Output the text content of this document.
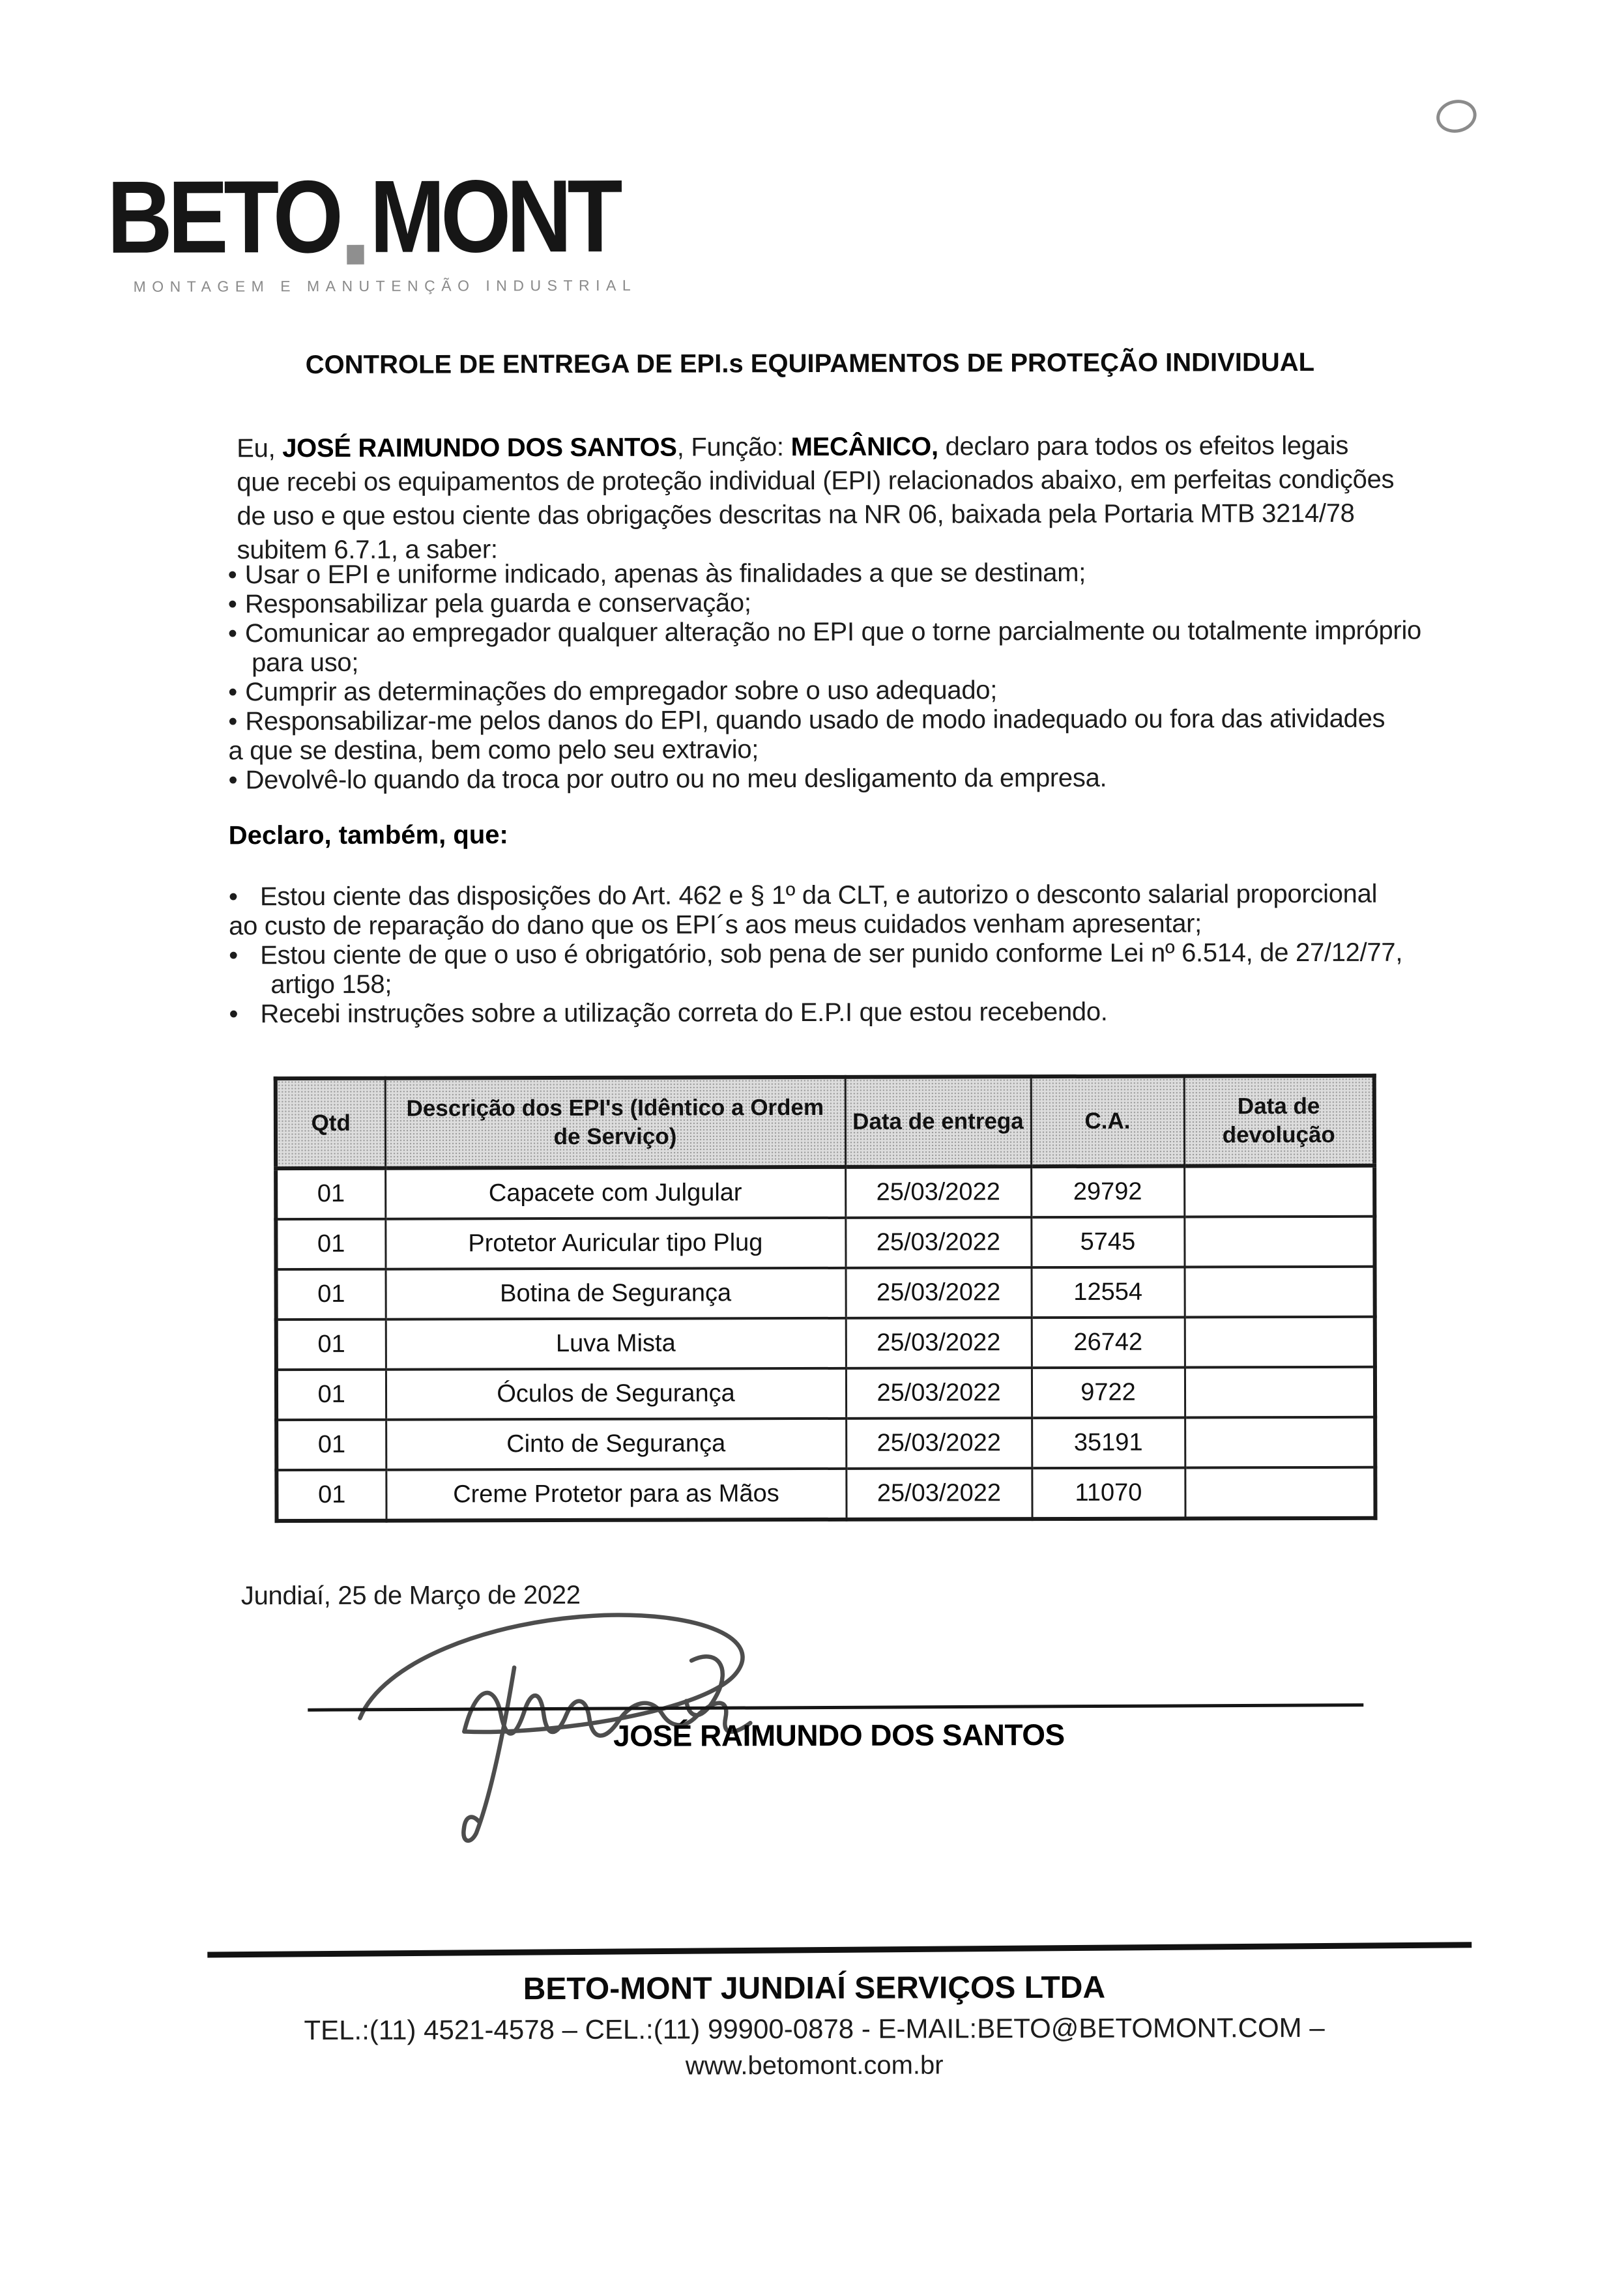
BETO MONT
MONTAGEM E MANUTENÇÃO INDUSTRIAL
CONTROLE DE ENTREGA DE EPI.s EQUIPAMENTOS DE PROTEÇÃO INDIVIDUAL
Eu, JOSÉ RAIMUNDO DOS SANTOS, Função: MECÂNICO, declaro para todos os efeitos legais
que recebi os equipamentos de proteção individual (EPI) relacionados abaixo, em perfeitas condições
de uso e que estou ciente das obrigações descritas na NR 06, baixada pela Portaria MTB 3214/78
subitem 6.7.1, a saber:
• Usar o EPI e uniforme indicado, apenas às finalidades a que se destinam;
• Responsabilizar pela guarda e conservação;
• Comunicar ao empregador qualquer alteração no EPI que o torne parcialmente ou totalmente impróprio
para uso;
• Cumprir as determinações do empregador sobre o uso adequado;
• Responsabilizar-me pelos danos do EPI, quando usado de modo inadequado ou fora das atividades
a que se destina, bem como pelo seu extravio;
• Devolvê-lo quando da troca por outro ou no meu desligamento da empresa.
Declaro, também, que:
• Estou ciente das disposições do Art. 462 e § 1º da CLT, e autorizo o desconto salarial proporcional
ao custo de reparação do dano que os EPI´s aos meus cuidados venham apresentar;
• Estou ciente de que o uso é obrigatório, sob pena de ser punido conforme Lei nº 6.514, de 27/12/77,
artigo 158;
• Recebi instruções sobre a utilização correta do E.P.I que estou recebendo.
Qtd	Descrição dos EPI's (Idêntico a Ordem de Serviço)	Data de entrega	C.A.	Data de devolução
01	Capacete com Julgular	25/03/2022	29792	
01	Protetor Auricular tipo Plug	25/03/2022	5745	
01	Botina de Segurança	25/03/2022	12554	
01	Luva Mista	25/03/2022	26742	
01	Óculos de Segurança	25/03/2022	9722	
01	Cinto de Segurança	25/03/2022	35191	
01	Creme Protetor para as Mãos	25/03/2022	11070	
Jundiaí, 25 de Março de 2022
JOSÉ RAIMUNDO DOS SANTOS
BETO-MONT JUNDIAÍ SERVIÇOS LTDA
TEL.:(11) 4521-4578 – CEL.:(11) 99900-0878 - E-MAIL:BETO@BETOMONT.COM –
www.betomont.com.br
